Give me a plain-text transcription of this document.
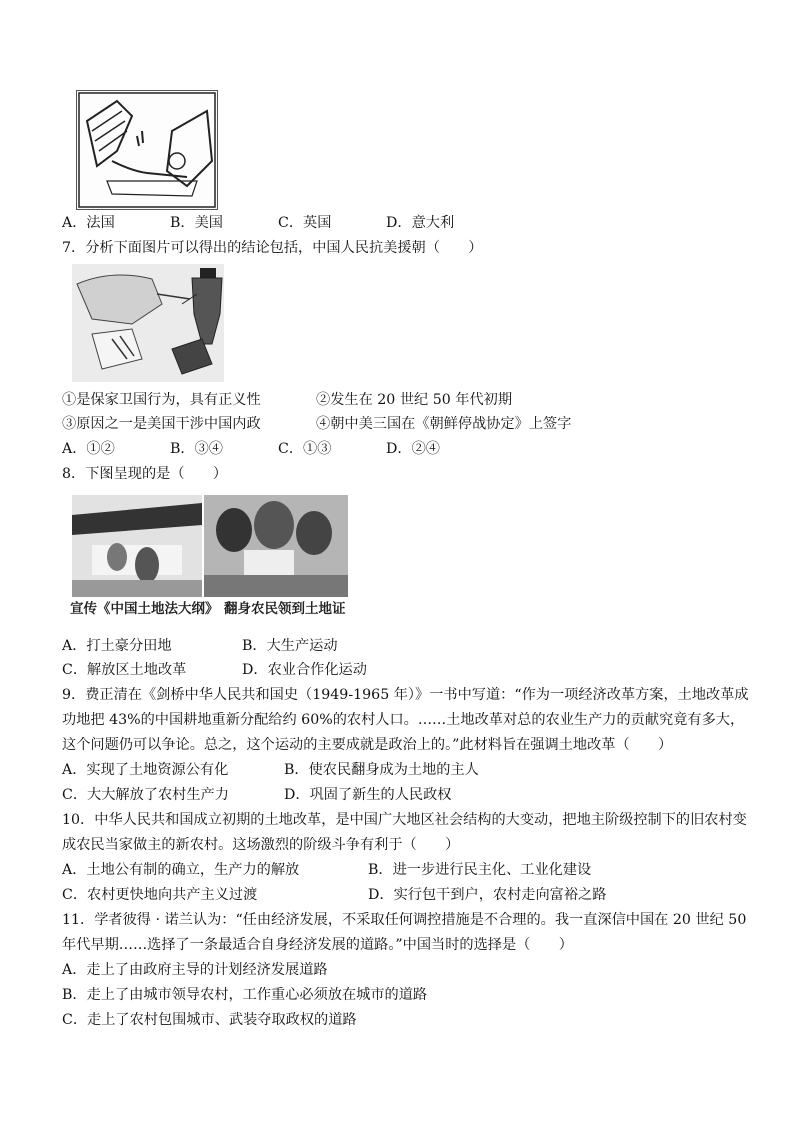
A．法国	B．美国	C．英国	D．意大利
7．分析下面图片可以得出的结论包括，中国人民抗美援朝（　　）
①是保家卫国行为，具有正义性	②发生在 20 世纪 50 年代初期
③原因之一是美国干涉中国内政	④朝中美三国在《朝鲜停战协定》上签字
A．①②	B．③④	C．①③	D．②④
8．下图呈现的是（　　）
宣传《中国土地法大纲》 翻身农民领到土地证
A．打土豪分田地	B．大生产运动
C．解放区土地改革	D．农业合作化运动
9．费正清在《剑桥中华人民共和国史（1949-1965 年）》一书中写道：“作为一项经济改革方案，土地改革成
功地把 43%的中国耕地重新分配给约 60%的农村人口。……土地改革对总的农业生产力的贡献究竟有多大，
这个问题仍可以争论。总之，这个运动的主要成就是政治上的。”此材料旨在强调土地改革（　　）
A．实现了土地资源公有化	B．使农民翻身成为土地的主人
C．大大解放了农村生产力	D．巩固了新生的人民政权
10．中华人民共和国成立初期的土地改革，是中国广大地区社会结构的大变动，把地主阶级控制下的旧农村变
成农民当家做主的新农村。这场激烈的阶级斗争有利于（　　）
A．土地公有制的确立，生产力的解放	B．进一步进行民主化、工业化建设
C．农村更快地向共产主义过渡	D．实行包干到户，农村走向富裕之路
11．学者彼得 · 诺兰认为：“任由经济发展，不采取任何调控措施是不合理的。我一直深信中国在 20 世纪 50
年代早期……选择了一条最适合自身经济发展的道路。”中国当时的选择是（　　）
A．走上了由政府主导的计划经济发展道路
B．走上了由城市领导农村，工作重心必须放在城市的道路
C．走上了农村包围城市、武装夺取政权的道路
